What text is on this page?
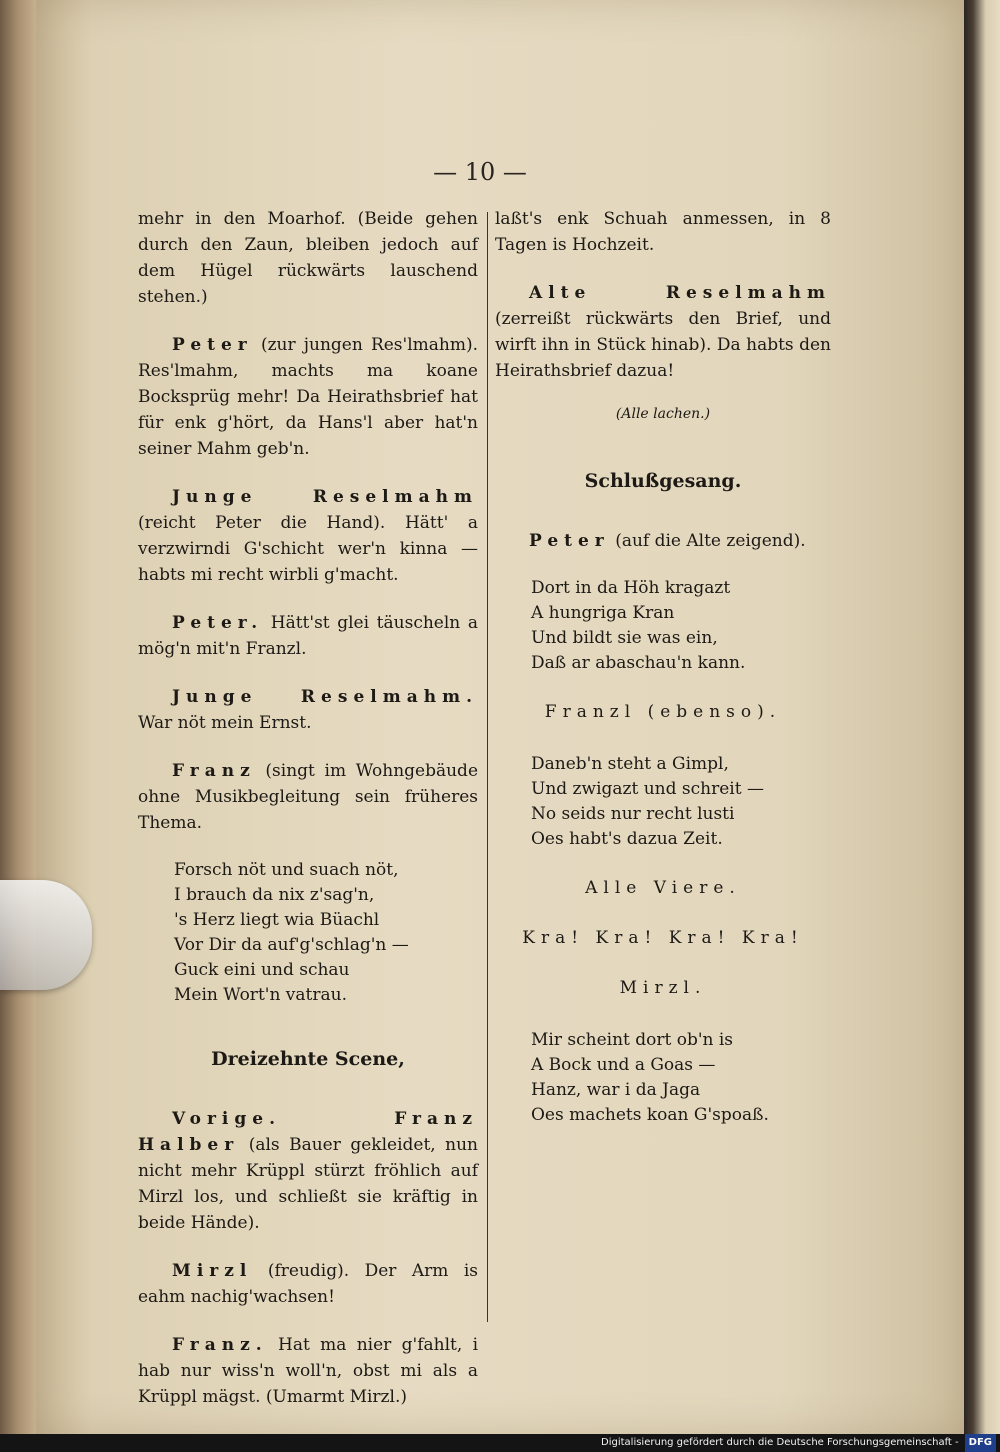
— 10 —

mehr in den Moarhof. (Beide gehen durch den Zaun, bleiben jedoch auf dem Hügel rückwärts lauschend stehen.)

Peter (zur jungen Res'lmahm). Res'lmahm, machts ma koane Bocksprüg mehr! Da Heirathsbrief hat für enk g'hört, da Hans'l aber hat'n seiner Mahm geb'n.

Junge Reselmahm (reicht Peter die Hand). Hätt' a verzwirndi G'schicht wer'n kinna — habts mi recht wirbli g'macht.

Peter. Hätt'st glei täuscheln a mög'n mit'n Franzl.

Junge Reselmahm. War nöt mein Ernst.

Franz (singt im Wohngebäude ohne Musikbegleitung sein früheres Thema.

Forsch nöt und suach nöt,
I brauch da nix z'sag'n,
's Herz liegt wia Büachl
Vor Dir da auf'g'schlag'n —
Guck eini und schau
Mein Wort'n vatrau.
Dreizehnte Scene,

Vorige. Franz Halber (als Bauer gekleidet, nun nicht mehr Krüppl stürzt fröhlich auf Mirzl los, und schließt sie kräftig in beide Hände).

Mirzl (freudig). Der Arm is eahm nachig'wachsen!

Franz. Hat ma nier g'fahlt, i hab nur wiss'n woll'n, obst mi als a Krüppl mägst. (Umarmt Mirzl.)

laßt's enk Schuah anmessen, in 8 Tagen is Hochzeit.

Alte Reselmahm (zerreißt rückwärts den Brief, und wirft ihn in Stück hinab). Da habts den Heirathsbrief dazua!

(Alle lachen.)
Schlußgesang.

Peter (auf die Alte zeigend).

Dort in da Höh kragazt
A hungriga Kran
Und bildt sie was ein,
Daß ar abaschau'n kann.
Franzl (ebenso).
Daneb'n steht a Gimpl,
Und zwigazt und schreit —
No seids nur recht lusti
Oes habt's dazua Zeit.
Alle Viere.
Kra! Kra! Kra! Kra!
Mirzl.
Mir scheint dort ob'n is
A Bock und a Goas —
Hanz, war i da Jaga
Oes machets koan G'spoaß.
Digitalisierung gefördert durch die Deutsche Forschungsgemeinschaft - DFG
